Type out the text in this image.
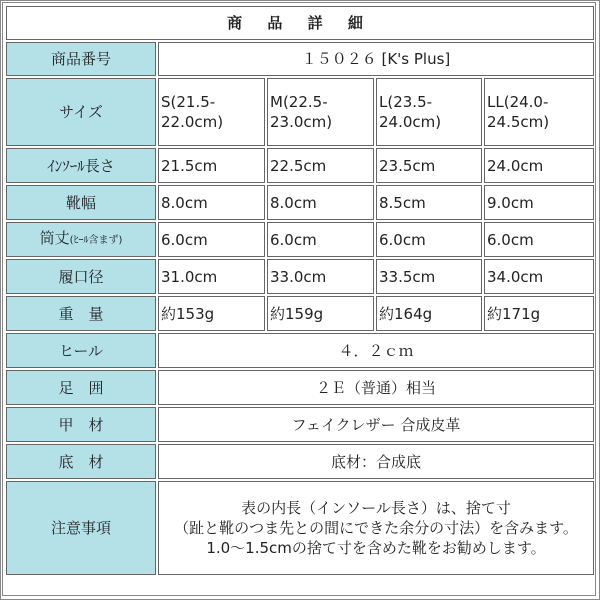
商 品 詳 細				
商品番号	１５０２６ [K's Plus]			
サイズ	S(21.5-22.0cm)	M(22.5-23.0cm)	L(23.5-24.0cm)	LL(24.0-24.5cm)
ｲﾝｿｰﾙ長さ	21.5cm	22.5cm	23.5cm	24.0cm
靴幅	8.0cm	8.0cm	8.5cm	9.0cm
筒丈(ﾋｰﾙ含まず)	6.0cm	6.0cm	6.0cm	6.0cm
履口径	31.0cm	33.0cm	33.5cm	34.0cm
重　量	約153g	約159g	約164g	約171g
ヒール	４．２ｃｍ			
足　囲	２Ｅ（普通）相当			
甲　材	フェイクレザー 合成皮革			
底　材	底材：合成底			
注意事項	表の内長（インソール長さ）は、捨て寸
（趾と靴のつま先との間にできた余分の寸法）を含みます。
1.0～1.5cmの捨て寸を含めた靴をお勧めします。			
